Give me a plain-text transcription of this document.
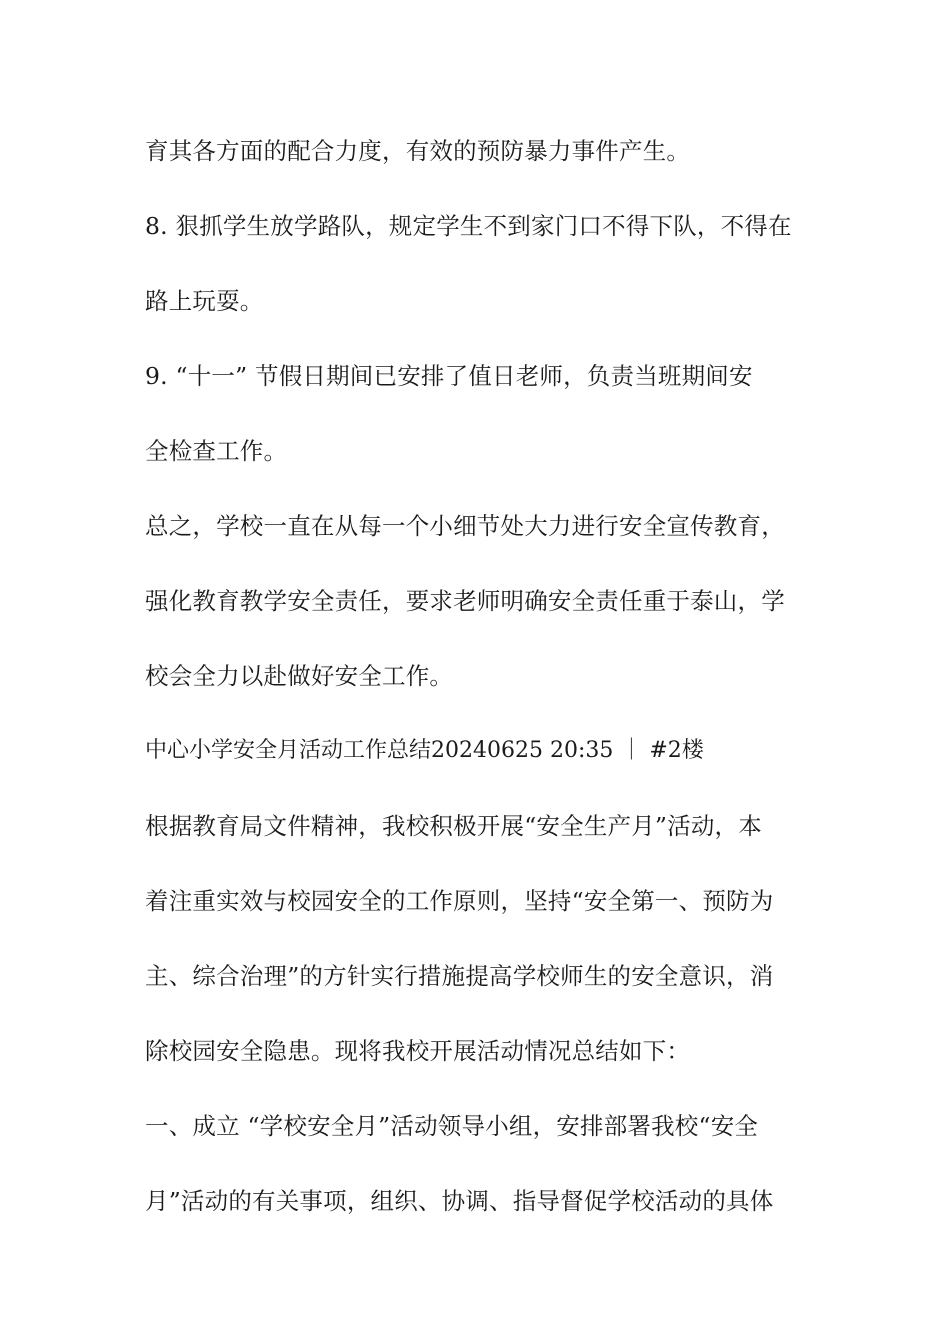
育其各方面的配合力度，有效的预防暴力事件产生。
8. 狠抓学生放学路队，规定学生不到家门口不得下队，不得在
路上玩耍。
9. “十一” 节假日期间已安排了值日老师，负责当班期间安
全检查工作。
总之，学校一直在从每一个小细节处大力进行安全宣传教育，
强化教育教学安全责任，要求老师明确安全责任重于泰山，学
校会全力以赴做好安全工作。
中心小学安全月活动工作总结20240625 20:35 ｜ #2楼
根据教育局文件精神，我校积极开展“安全生产月”活动，本
着注重实效与校园安全的工作原则，坚持“安全第一、预防为
主、综合治理”的方针实行措施提高学校师生的安全意识，消
除校园安全隐患。现将我校开展活动情况总结如下：
一、成立 “学校安全月”活动领导小组，安排部署我校“安全
月”活动的有关事项，组织、协调、指导督促学校活动的具体
